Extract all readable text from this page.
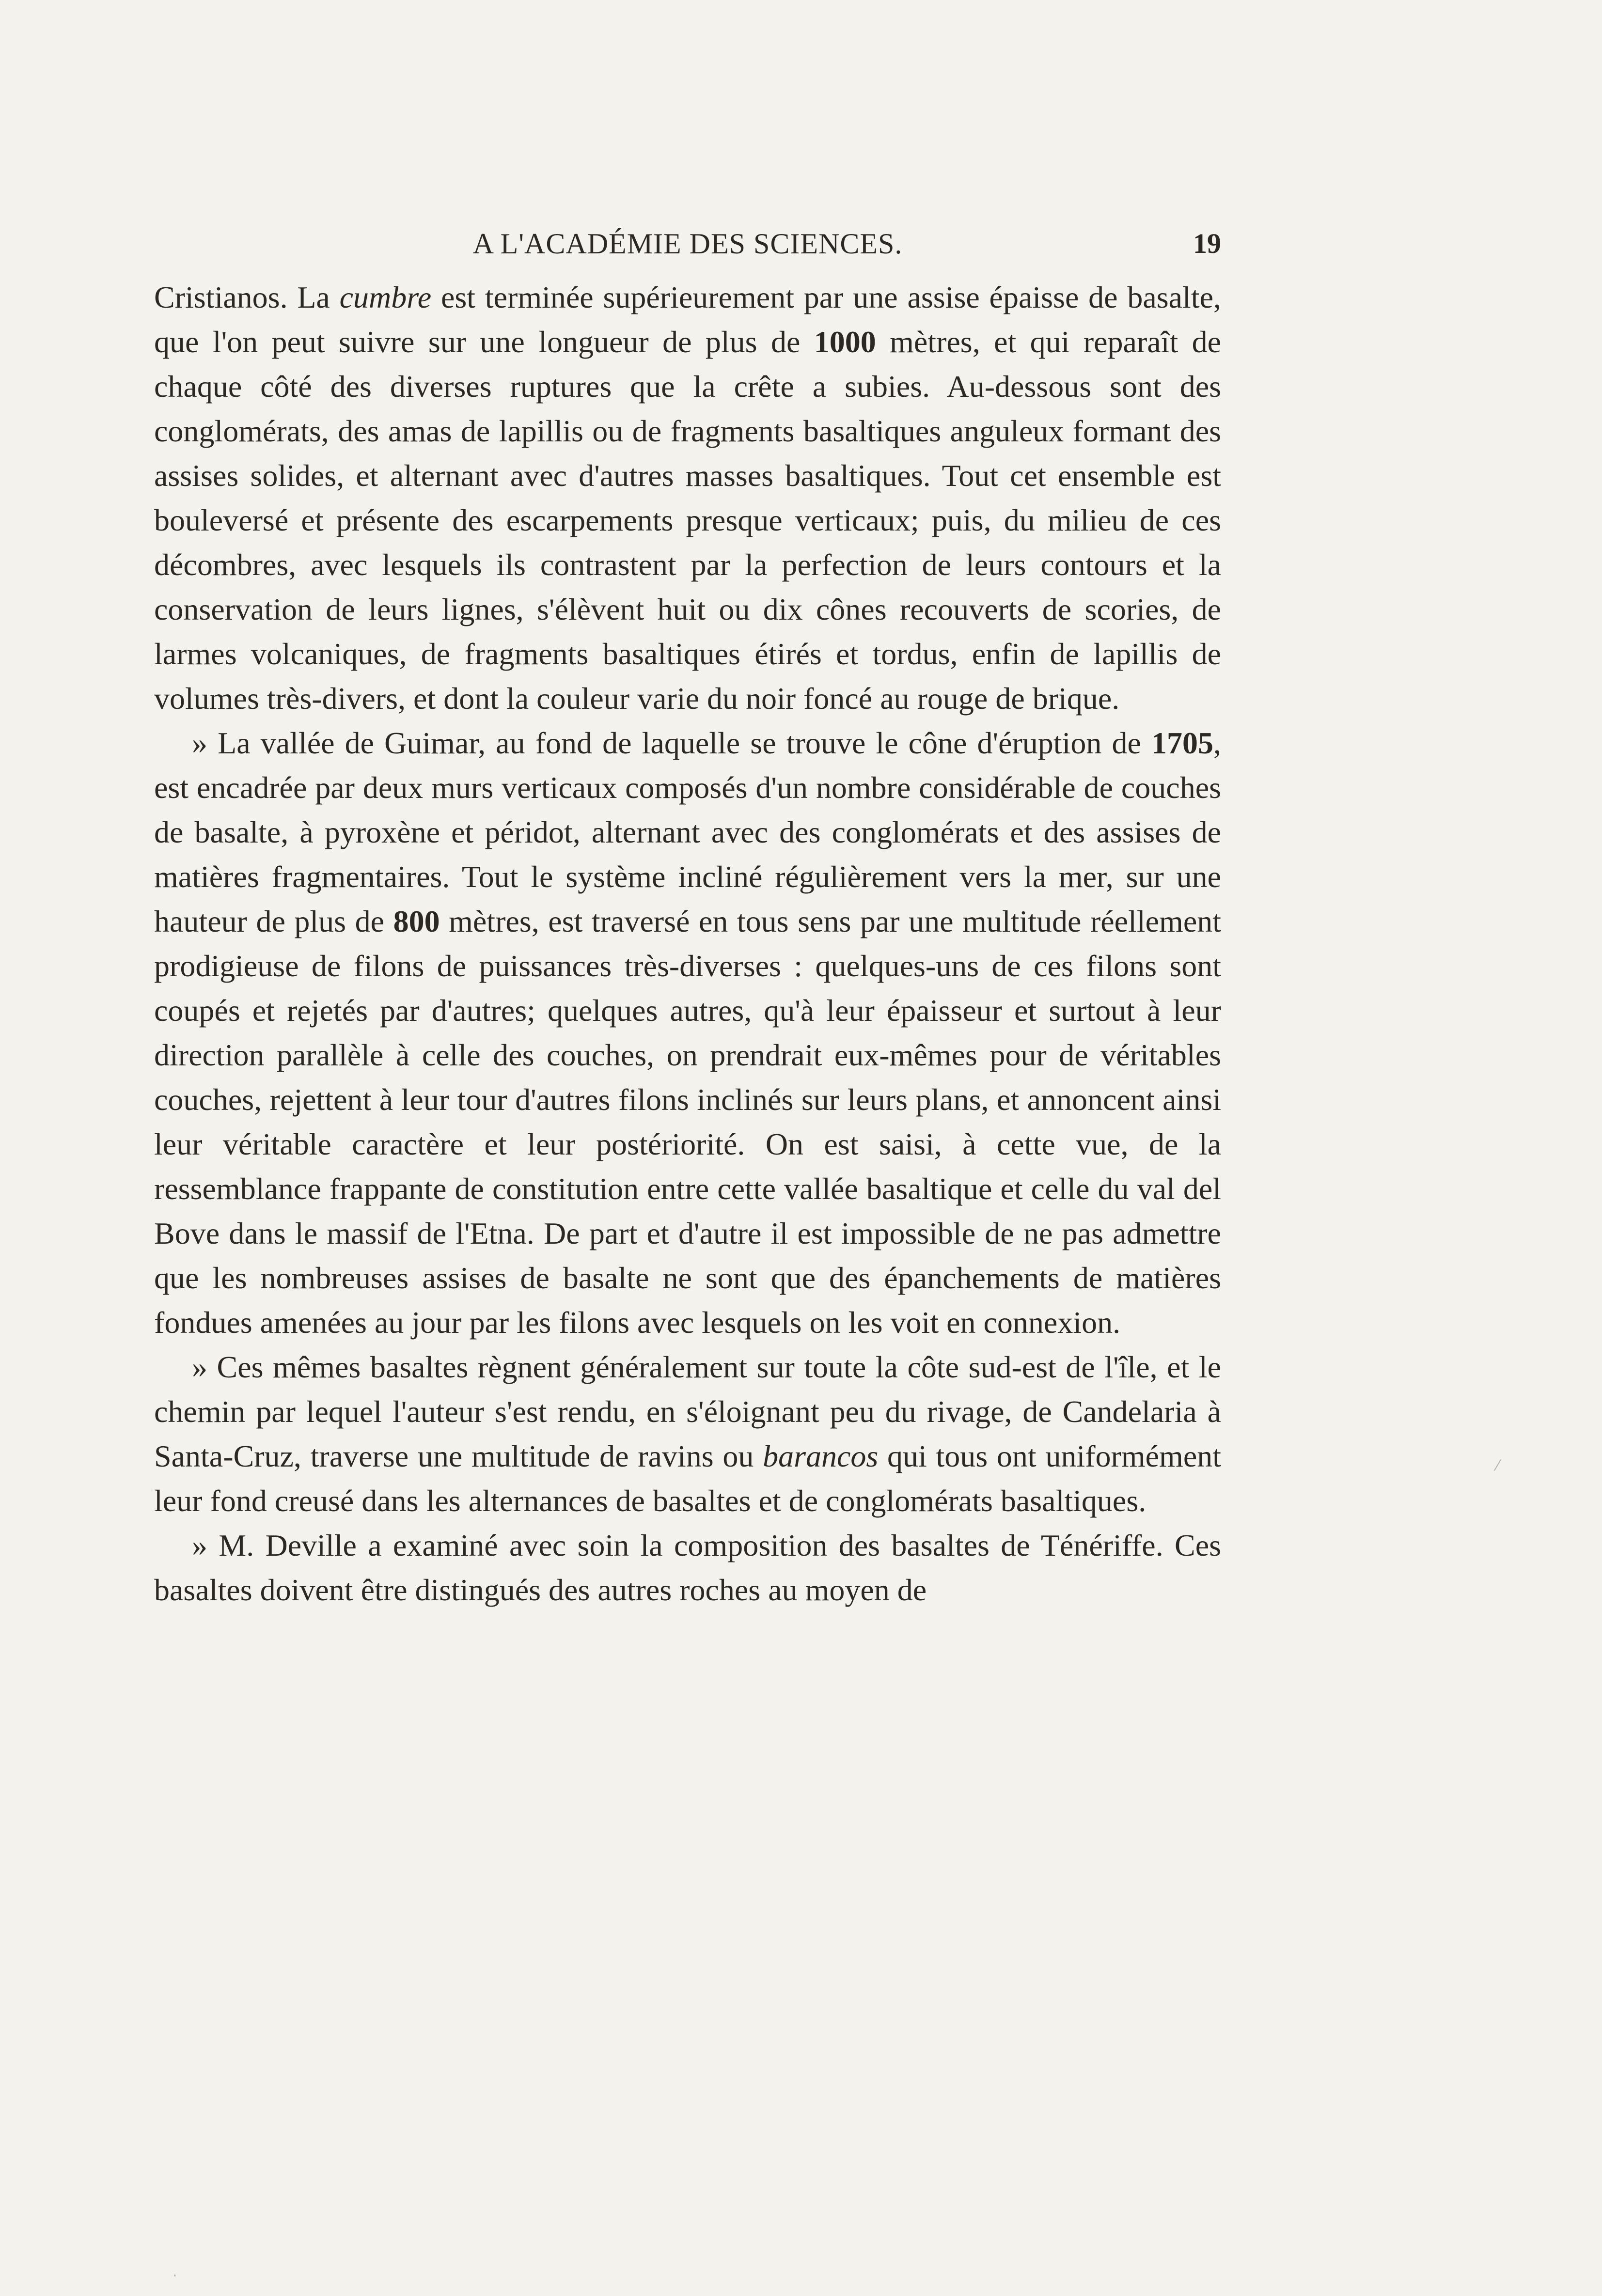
A L'ACADÉMIE DES SCIENCES.	19

Cristianos. La cumbre est terminée supérieurement par une assise épaisse de basalte, que l'on peut suivre sur une longueur de plus de 1000 mètres, et qui reparaît de chaque côté des diverses ruptures que la crête a subies. Au-dessous sont des conglomérats, des amas de lapillis ou de fragments basaltiques anguleux formant des assises solides, et alternant avec d'autres masses basaltiques. Tout cet ensemble est bouleversé et présente des escarpements presque verticaux; puis, du milieu de ces décombres, avec lesquels ils contrastent par la perfection de leurs contours et la conservation de leurs lignes, s'élèvent huit ou dix cônes recouverts de scories, de larmes volcaniques, de fragments basaltiques étirés et tordus, enfin de lapillis de volumes très-divers, et dont la couleur varie du noir foncé au rouge de brique.

» La vallée de Guimar, au fond de laquelle se trouve le cône d'éruption de 1705, est encadrée par deux murs verticaux composés d'un nombre considérable de couches de basalte, à pyroxène et péridot, alternant avec des conglomérats et des assises de matières fragmentaires. Tout le système incliné régulièrement vers la mer, sur une hauteur de plus de 800 mètres, est traversé en tous sens par une multitude réellement prodigieuse de filons de puissances très-diverses : quelques-uns de ces filons sont coupés et rejetés par d'autres; quelques autres, qu'à leur épaisseur et surtout à leur direction parallèle à celle des couches, on prendrait eux-mêmes pour de véritables couches, rejettent à leur tour d'autres filons inclinés sur leurs plans, et annoncent ainsi leur véritable caractère et leur postériorité. On est saisi, à cette vue, de la ressemblance frappante de constitution entre cette vallée basaltique et celle du val del Bove dans le massif de l'Etna. De part et d'autre il est impossible de ne pas admettre que les nombreuses assises de basalte ne sont que des épanchements de matières fondues amenées au jour par les filons avec lesquels on les voit en connexion.

» Ces mêmes basaltes règnent généralement sur toute la côte sud-est de l'île, et le chemin par lequel l'auteur s'est rendu, en s'éloignant peu du rivage, de Candelaria à Santa-Cruz, traverse une multitude de ravins ou barancos qui tous ont uniformément leur fond creusé dans les alternances de basaltes et de conglomérats basaltiques.

» M. Deville a examiné avec soin la composition des basaltes de Ténériffe. Ces basaltes doivent être distingués des autres roches au moyen de

⁄
·
